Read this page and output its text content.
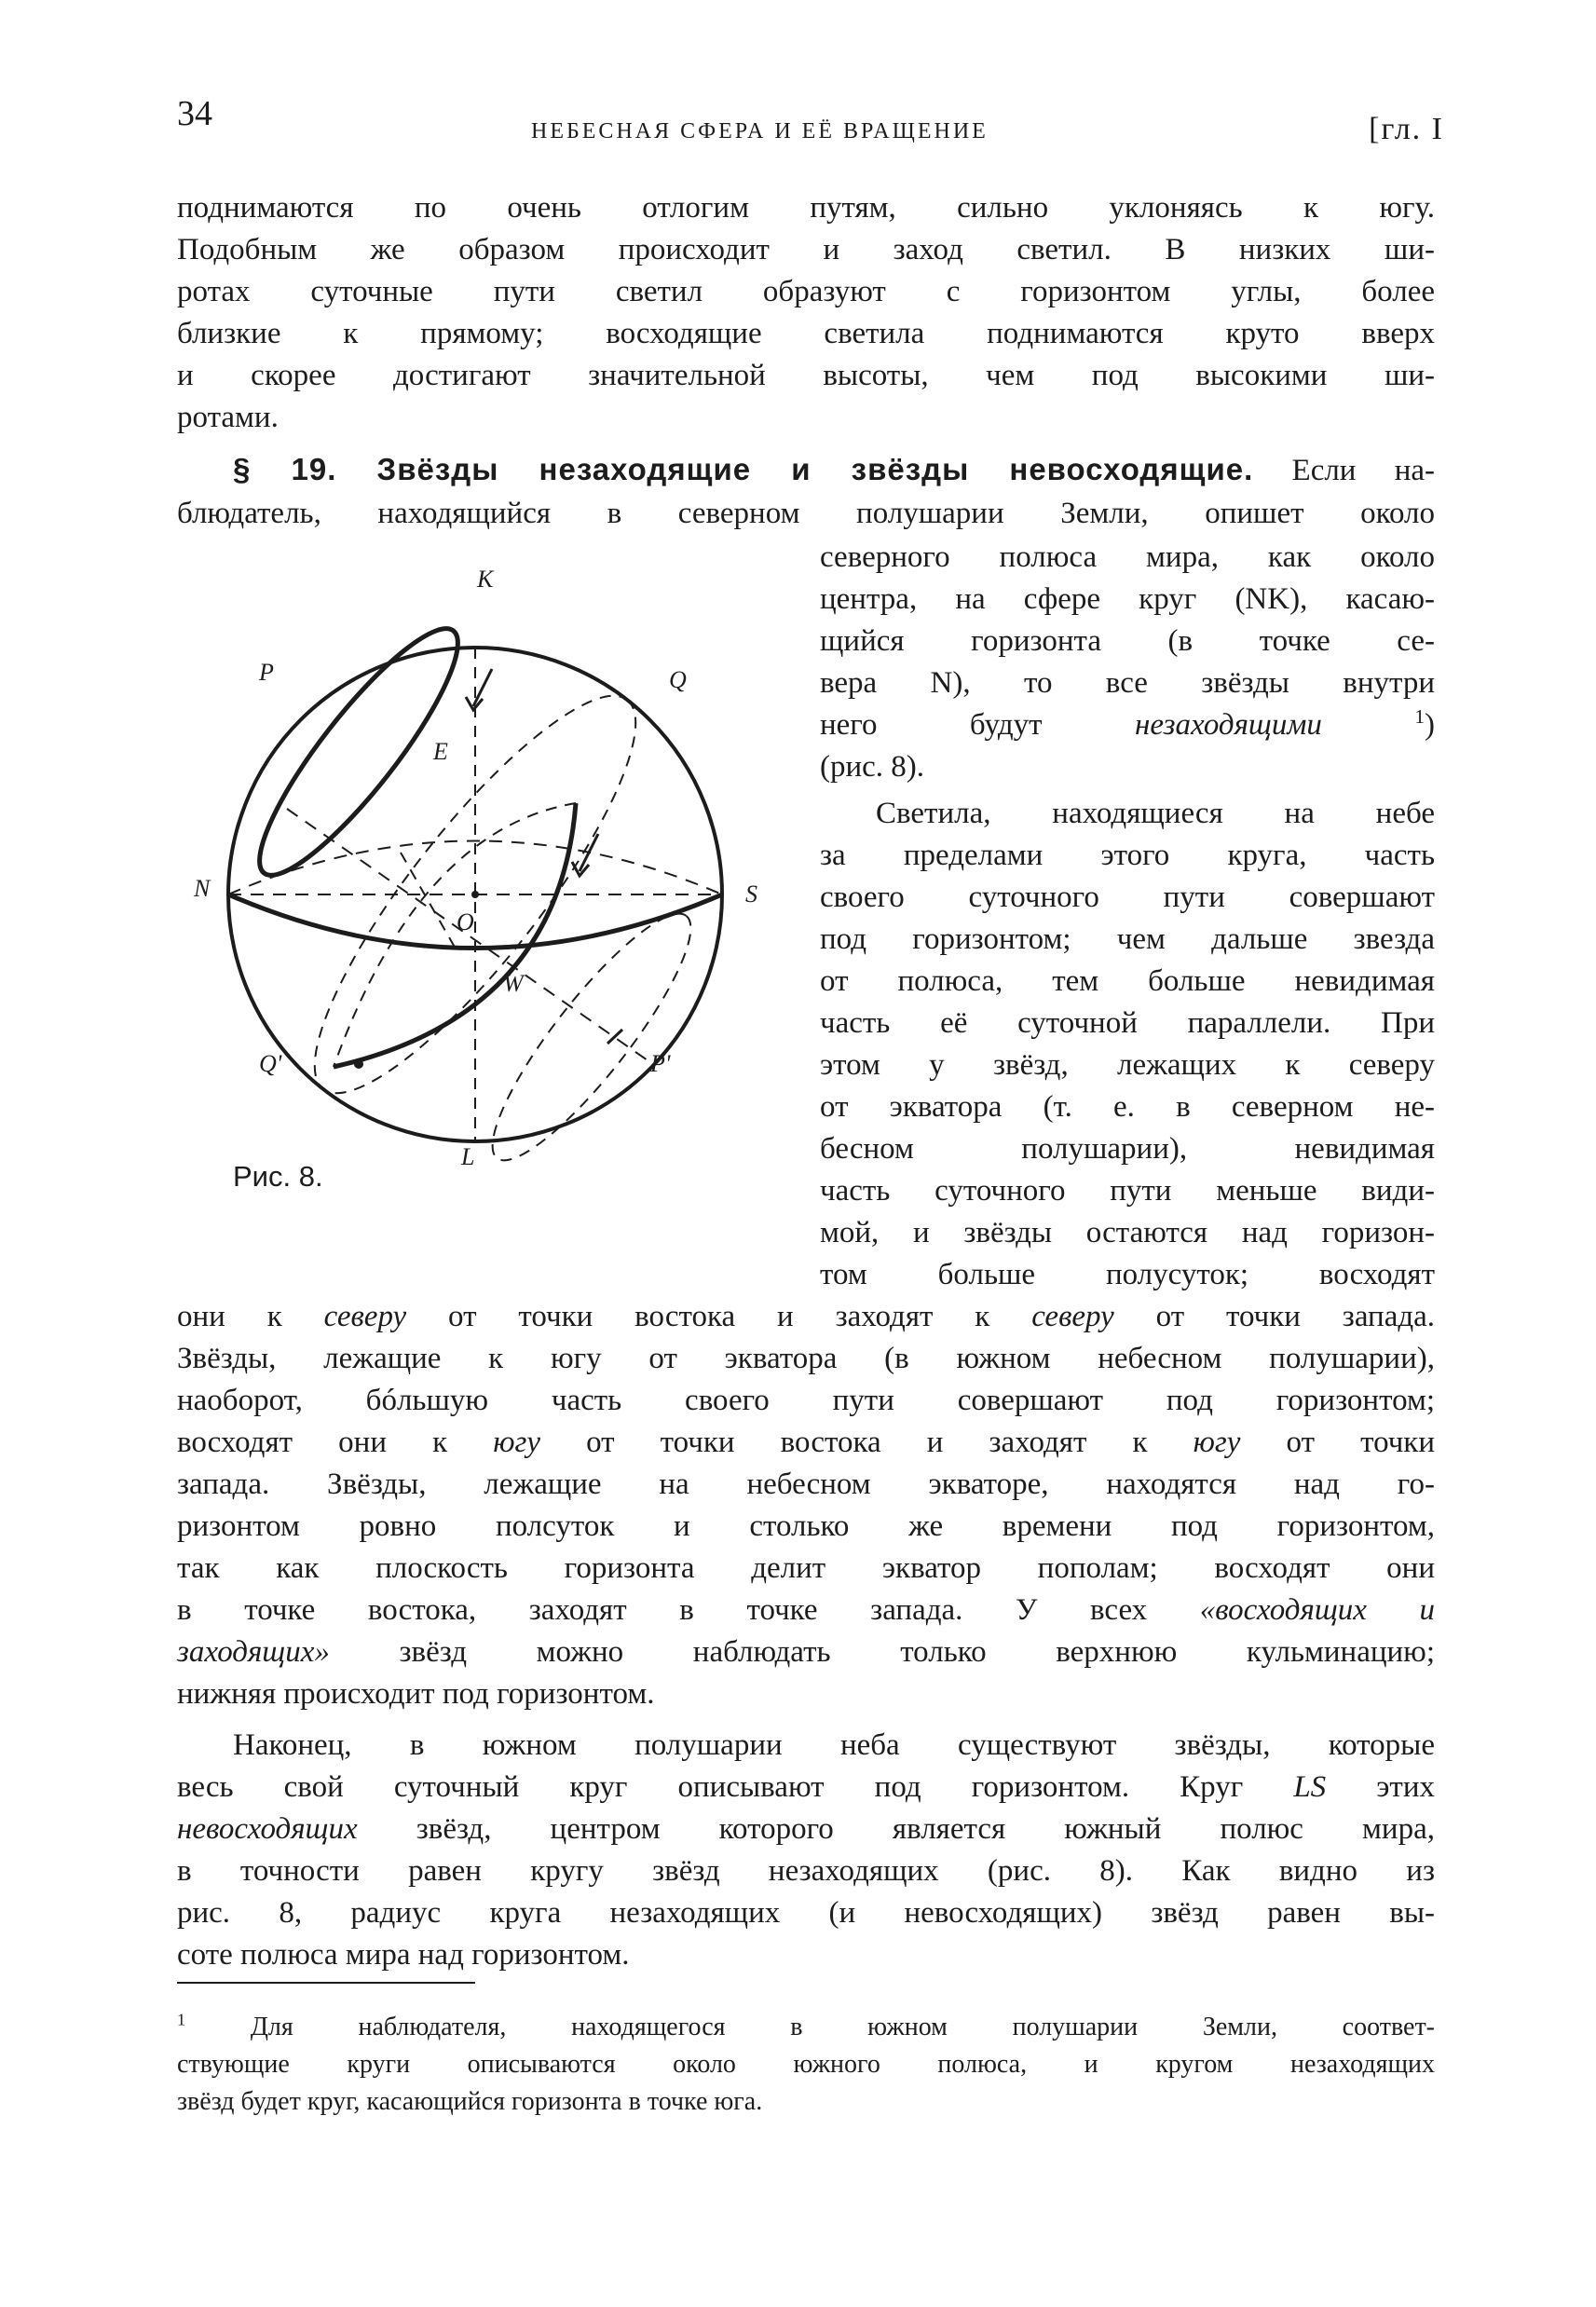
34	НЕБЕСНАЯ СФЕРА И ЕЁ ВРАЩЕНИЕ	[гл. I
поднимаются по очень отлогим путям, сильно уклоняясь к югу.
Подобным же образом происходит и заход светил. В низких ши-
ротах суточные пути светил образуют с горизонтом углы, более
близкие к прямому; восходящие светила поднимаются круто вверх
и скорее достигают значительной высоты, чем под высокими ши-
ротами.
§ 19. Звёзды незаходящие и звёзды невосходящие. Если на-
блюдатель, находящийся в северном полушарии Земли, опишет около
северного полюса мира, как около
центра, на сфере круг (NK), касаю-
щийся горизонта (в точке се-
вера N), то все звёзды внутри
него будут	незаходящими	$^1$)
(рис. 8).
Светила, находящиеся на небе
за пределами этого круга, часть
своего суточного пути совершают
под горизонтом; чем дальше звезда
от полюса, тем больше невидимая
часть её суточной параллели. При
этом у звёзд, лежащих к северу
от экватора (т. е. в северном не-
бесном полушарии), невидимая
часть суточного пути меньше види-
мой, и звёзды остаются над горизон-
том больше полусуток; восходят
они к северу от точки востока и заходят к северу от точки запада.
Звёзды, лежащие к югу от экватора (в южном небесном полушарии),
наоборот, бóльшую часть своего пути совершают под горизонтом;
восходят они к югу от точки востока и заходят к югу от точки
запада. Звёзды, лежащие на небесном экваторе, находятся над го-
ризонтом ровно полсуток и столько же времени под горизонтом,
так как плоскость горизонта делит экватор пополам; восходят они
в точке востока, заходят в точке запада. У всех «восходящих и
заходящих» звёзд можно наблюдать только верхнюю кульминацию;
нижняя происходит под горизонтом.
Наконец, в южном полушарии неба существуют звёзды, которые
весь свой суточный круг описывают под горизонтом. Круг LS этих
невосходящих звёзд, центром которого является южный полюс мира,
в точности равен кругу звёзд незаходящих (рис. 8). Как видно из
рис. 8, радиус круга незаходящих (и невосходящих) звёзд равен вы-
соте полюса мира над горизонтом.
K
P	Q
E
N
O
S
W
Q'	P'
L
Рис. 8.
$^1$ Для наблюдателя, находящегося в южном полушарии Земли, соответ-
ствующие круги описываются около южного полюса, и кругом незаходящих
звёзд будет круг, касающийся горизонта в точке юга.
